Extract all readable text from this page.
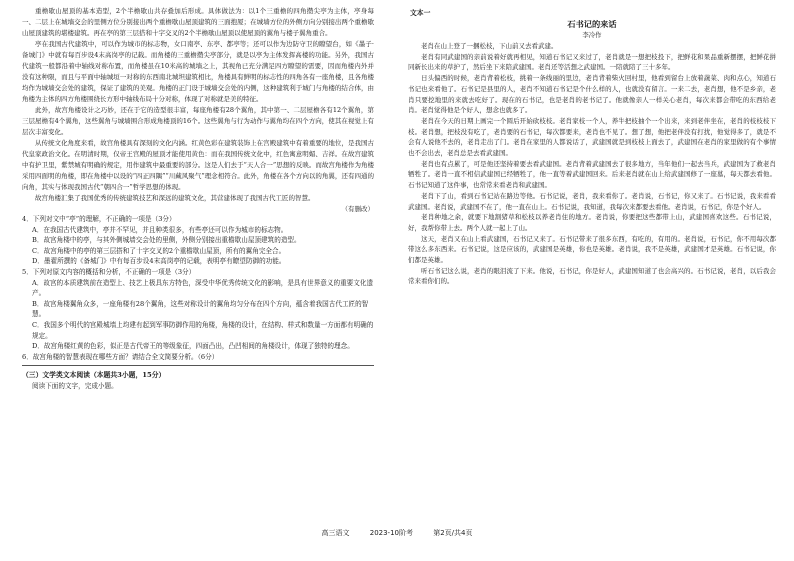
重檐歇山屋顶的基本造型，2个半檐歇山共存叠加后形成。具体做法为：以1个三重檐的四角攒尖亭为主体，亭身每一、二层上在城墙交会的里侧方位分别接出两个重檐歇山屋顶建筑的三面抱厦；在城墙方位的外侧方向分别接出两个重檐歇山屋顶建筑的堪楼建筑。再在亭的第三层搭和十字交叉的2个半檐歇山屋顶以使屋顶的翼角与楼子翼角重合。

亭在我国古代建筑中，可以作为城市的标志物，女口南亭、东亭、都亭等；还可以作为边防守卫的瞭望台，如《墨子·备城门》中就有每百步设4末高岗亭的记载。而角楼的三重檐攒尖亭部分，就是以亭为主体发挥高楼的功能。另外，我国古代建筑一般都沿着中轴线对称布置，而角楼虽在10米高的城墙之上，其视角已充分满足四方瞭望的需要，因而角楼内外并没有这种限，而且与平面中轴城垣一对称的东西南北城坦建筑相比，角楼具有鲜明的标志性的四角各有一座角楼，且各角楼均作为城墙交会处的建筑，保证了建筑的美观。角楼的正门设于城墙交会处的内侧，这种建筑利于城门与角楼的结合体，由角楼为主体的四方角楼围绕长方形中轴线布局十分对称，体现了对称就是美的特征。

此外，故宫角楼设计之巧妙，还在于它的造型很丰富，每座角楼有28个翼角，其中第一、二层屋檐各有12个翼角，第三层屋檐有4个翼角，这些翼角与城墙围合形成角楼顶的16个。这些翼角与行为动作与翼角均在四个方向，使其在视觉上有层次丰富变化。

从传统文化角度来看，故宫角楼具有深刻的文化内涵。红黄色彩在建筑装饰上在宫殿建筑中有着重要的地位，是我国古代皇家政治文化。在明清时期，仅帝王宫殿的屋顶才能使用黄色：而在我国传统文化中，红色寓意明媚、吉祥。在故宫建筑中有护卫里，紫禁城有明确的规定，用作建筑中最重要的部分。这是人们去于“天人合一”思想的反映。而故宫角楼作为角楼采用四面明的角楼，即在角楼中以设的“四正四隅”“川藏风聚气”理念相符合。此外，角楼在各个方向以的角翼，还有四通的向角，其实与体现我国古代“朝四合一”哲学思想的体现。

故宫角楼汇集了我国优秀的传统建筑技艺和深远的建筑文化，其营建体现了我国古代工匠的智慧。

（有删改）

4．下列对文中“亭”的理解，不正确的一项是（3分）

A．在我国古代建筑中，亭并不罕见，并且种类很多，有些亭还可以作为城市的标志物。

B．故宫角楼中的亭，与其外侧城墙交会处的里侧，外侧分别接出重檐歇山屋顶建筑的造型。

C．故宫角楼中的亭的第三层搭和了十字交叉的2个重檐歇山屋顶，所有的翼角完全合。

D．墨翟所撰的《备城门》中有每百步设4末高岗亭的记载，表明亭有瞭望防御的功能。

5．下列对原文内容的概括和分析，不正确的一项是（3分）

A．故宫的本质建筑前在造型上、技艺上极具东方特色，深受中华优秀传统文化的影响，是具有世界意义的重要文化遗产。

B．故宫角楼翼角众多，一座角楼有28个翼角，这些对称设计的翼角均匀分布在四个方向，蕴含着我国古代工匠的智慧。

C．我国多个明代的宫殿城墙上均建有起到军事防御作用的角楼，角楼的设计，在结构、样式和数量一方面都有明确的规定。

D．故宫角楼红黄的色彩，似正是古代帝王的等级象征，四面凸出，凸凹相间的角楼设计，体现了独特的理念。

6．故宫角楼的智慧表现在哪些方面？请结合全文简要分析。（6分）

（三）文学类文本阅读（本题共3小题，15分）

阅读下面的文字，完成小题。

文本一

石书记的来话

李冷作

老肖在山上登了一捆松枝，下山前又去看武建。

老肖有同武建国的亲前说着好就再相见，知道石书记又来过了，老肖就是一想把枝投下，把鲜花和果品重新摆摆，把鲜花拼同新长出来的草护了，然后坐下来陪武建国。老肖还等活想之武建国。一陪就陪了三十多年。

日头偏西的时候，老肖背着松枝，挑着一条线丽的里边，老肖背着柴火回村里，他看到留台上放着蔬菜、肉和点心，知道石书记也来看他了。石书记是县里的人，老肖不知道石书记是个什么样的人，也就没有留言。一来二去，老肖想，他不是乡亲，老肖只要挖地里的来就去吃好了。现在的石书记，也是老肖的老书记了。他就像亲人一样关心老肖，每次来都会带吃的东西给老肖。老肖觉得他是个好人，想念也就多了。

老肖在今天的日期上画完一个圆后开始砍枝枝。老肖家枝一个人，养牛把枝抽个一个出来，来到老伴坐在，老肖的枝枝枝下枝。老肖想，把枝没有吃了，老肖要的石书记，每次都要来，老肖也不见了。想了想，他把老伴没有打扰，他觉得多了，就是不会有人说他不去的，老肖走出了门。老肖在家里的人都说话了，武建国就是到枝枝上面去了，武建国在老肖的家里做的有个事情也不会出去，老肖总是去看武建国。

老肖也有点累了，可是他还坚持着要去看武建国。老肖背着武建国去了很多地方，当年他们一起去当兵，武建国为了救老肖牺牲了。老肖一直不相信武建国已经牺牲了，他一直等着武建国回来。后来老肖就在山上给武建国修了一座墓，每天都去看他。石书记知道了这件事，也常常来看老肖和武建国。

老肖下了山，看到石书记站在路边等他。石书记说，老肖，我来看你了。老肖说，石书记，你又来了。石书记说，我来看看武建国。老肖说，武建国不在了，他一直在山上。石书记说，我知道，我每次来都要去看他。老肖说，石书记，你是个好人。

老肖种地之余，就要下地割猪草和松枝以养老肖住的地方。老肖说，你要把这些都带上山，武建国喜欢这些。石书记说，好，我帮你带上去。两个人就一起上了山。

这天，老肖又在山上看武建国，石书记又来了。石书记带来了很多东西，有吃的，有用的。老肖说，石书记，你不用每次都带这么多东西来。石书记说，这是应该的，武建国是英雄，你也是英雄。老肖说，我不是英雄，武建国才是英雄。石书记说，你们都是英雄。

听石书记这么说，老肖的眼泪流了下来。他说，石书记，你是好人，武建国知道了也会高兴的。石书记说，老肖，以后我会常来看你们的。

高三语文	2023-10阶考	第2页/共4页
